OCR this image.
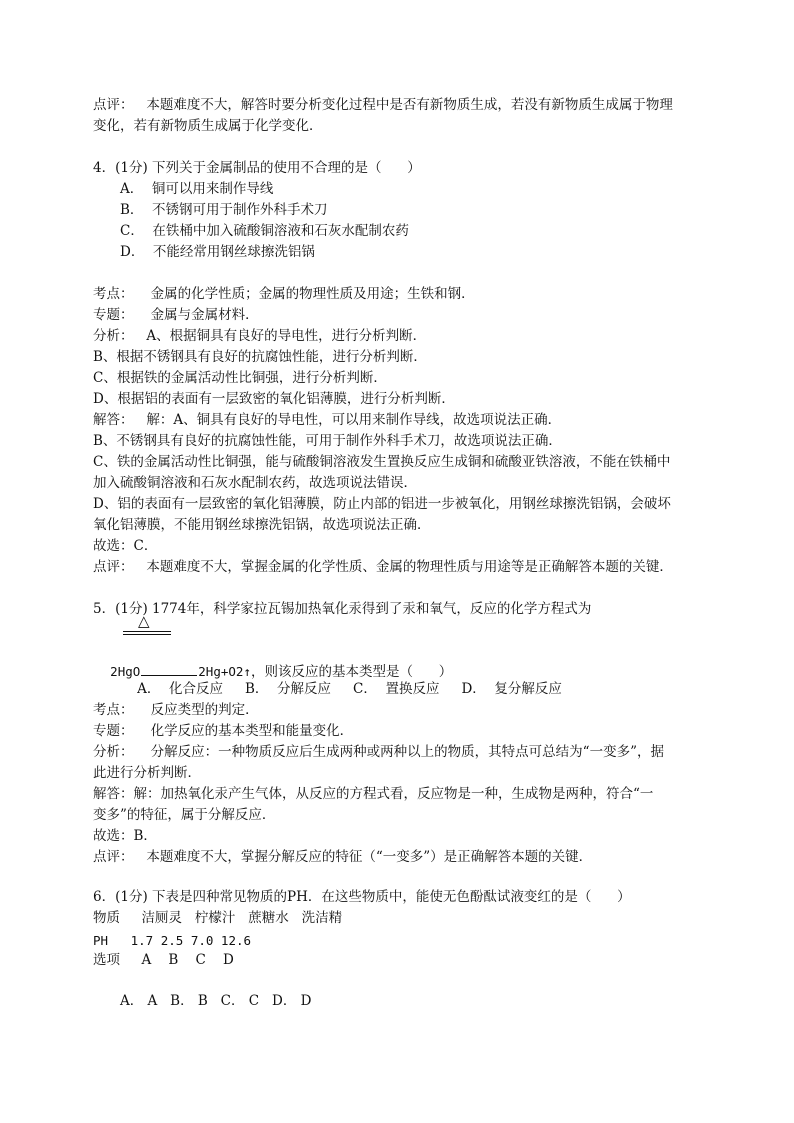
点评：   本题难度不大，解答时要分析变化过程中是否有新物质生成，若没有新物质生成属于物理
变化，若有新物质生成属于化学变化．
4．(1分) 下列关于金属制品的使用不合理的是（      ）
A．  铜可以用来制作导线
B．  不锈钢可用于制作外科手术刀
C．  在铁桶中加入硫酸铜溶液和石灰水配制农药
D．  不能经常用钢丝球擦洗铝锅
考点：    金属的化学性质；金属的物理性质及用途；生铁和钢．
专题：    金属与金属材料．
分析：   A、根据铜具有良好的导电性，进行分析判断．
B、根据不锈钢具有良好的抗腐蚀性能，进行分析判断．
C、根据铁的金属活动性比铜强，进行分析判断．
D、根据铝的表面有一层致密的氧化铝薄膜，进行分析判断．
解答：   解：A、铜具有良好的导电性，可以用来制作导线，故选项说法正确．
B、不锈钢具有良好的抗腐蚀性能，可用于制作外科手术刀，故选项说法正确．
C、铁的金属活动性比铜强，能与硫酸铜溶液发生置换反应生成铜和硫酸亚铁溶液，不能在铁桶中
加入硫酸铜溶液和石灰水配制农药，故选项说法错误．
D、铝的表面有一层致密的氧化铝薄膜，防止内部的铝进一步被氧化，用钢丝球擦洗铝锅，会破坏
氧化铝薄膜，不能用钢丝球擦洗铝锅，故选项说法正确．
故选：C．
点评：   本题难度不大，掌握金属的化学性质、金属的物理性质与用途等是正确解答本题的关键．
5．(1分) 1774年，科学家拉瓦锡加热氧化汞得到了汞和氧气，反应的化学方程式为
△

2HgO	2Hg+O2↑，则该反应的基本类型是（      ）

A．  化合反应 B．  分解反应 C．  置换反应 D．  复分解反应

考点：    反应类型的判定．
专题：    化学反应的基本类型和能量变化．
分析：    分解反应：一种物质反应后生成两种或两种以上的物质，其特点可总结为“一变多”，据
此进行分析判断．
解答：解：加热氧化汞产生气体，从反应的方程式看，反应物是一种，生成物是两种，符合“一
变多”的特征，属于分解反应．
故选：B．
点评：   本题难度不大，掌握分解反应的特征（“一变多”）是正确解答本题的关键．
6．(1分) 下表是四种常见物质的PH．在这些物质中，能使无色酚酞试液变红的是（      ）
物质     洁厕灵   柠檬汁   蔗糖水   洗洁精
PH   1.7 2.5 7.0 12.6
选项     A    B    C    D
A． A   B． B   C． C   D． D
